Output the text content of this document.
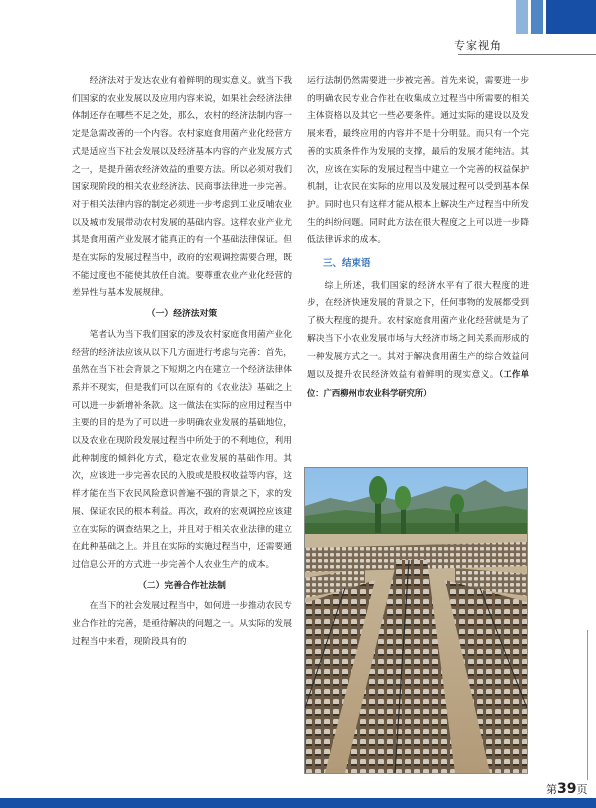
专家视角

经济法对于发达农业有着鲜明的现实意义。就当下我们国家的农业发展以及应用内容来说，如果社会经济法律体制还存在哪些不足之处，那么，农村的经济法制内容一定是急需改善的一个内容。农村家庭食用菌产业化经营方式是适应当下社会发展以及经济基本内容的产业发展方式之一，是提升菌农经济效益的重要方法。所以必须对我们国家现阶段的相关农业经济法、民商事法律进一步完善。对于相关法律内容的制定必须进一步考虑到工业反哺农业以及城市发展带动农村发展的基础内容。这样农业产业尤其是食用菌产业发展才能真正的有一个基础法律保证。但是在实际的发展过程当中，政府的宏观调控需要合理，既不能过度也不能使其放任自流。要尊重农业产业化经营的差异性与基本发展规律。

（一）经济法对策

笔者认为当下我们国家的涉及农村家庭食用菌产业化经营的经济法应该从以下几方面进行考虑与完善：首先，虽然在当下社会背景之下短期之内在建立一个经济法律体系并不现实，但是我们可以在原有的《农业法》基础之上可以进一步新增补条款。这一做法在实际的应用过程当中主要的目的是为了可以进一步明确农业发展的基础地位，以及农业在现阶段发展过程当中所处于的不利地位，利用此种制度的倾斜化方式，稳定农业发展的基础作用。其次，应该进一步完善农民的入股或是股权收益等内容，这样才能在当下农民风险意识普遍不强的背景之下，求的发展、保证农民的根本利益。再次，政府的宏观调控应该建立在实际的调查结果之上，并且对于相关农业法律的建立在此种基础之上。并且在实际的实施过程当中，还需要通过信息公开的方式进一步完善个人农业生产的成本。

（二）完善合作社法制

在当下的社会发展过程当中，如何进一步推动农民专业合作社的完善，是亟待解决的问题之一。从实际的发展过程当中来看，现阶段具有的

运行法制仍然需要进一步被完善。首先来说，需要进一步的明确农民专业合作社在收集成立过程当中所需要的相关主体资格以及其它一些必要条件。通过实际的建设以及发展来看，最终应用的内容并不是十分明显。而只有一个完善的实质条件作为发展的支撑，最后的发展才能纯洁。其次，应该在实际的发展过程当中建立一个完善的权益保护机制，让农民在实际的应用以及发展过程可以受到基本保护。同时也只有这样才能从根本上解决生产过程当中所发生的纠纷问题。同时此方法在很大程度之上可以进一步降低法律诉求的成本。

三、结束语

综上所述，我们国家的经济水平有了很大程度的进步，在经济快速发展的背景之下，任何事物的发展都受到了极大程度的提升。农村家庭食用菌产业化经营就是为了解决当下小农业发展市场与大经济市场之间关系而形成的一种发展方式之一。其对于解决食用菌生产的综合效益问题以及提升农民经济效益有着鲜明的现实意义。（工作单位：广西柳州市农业科学研究所）

第39页
